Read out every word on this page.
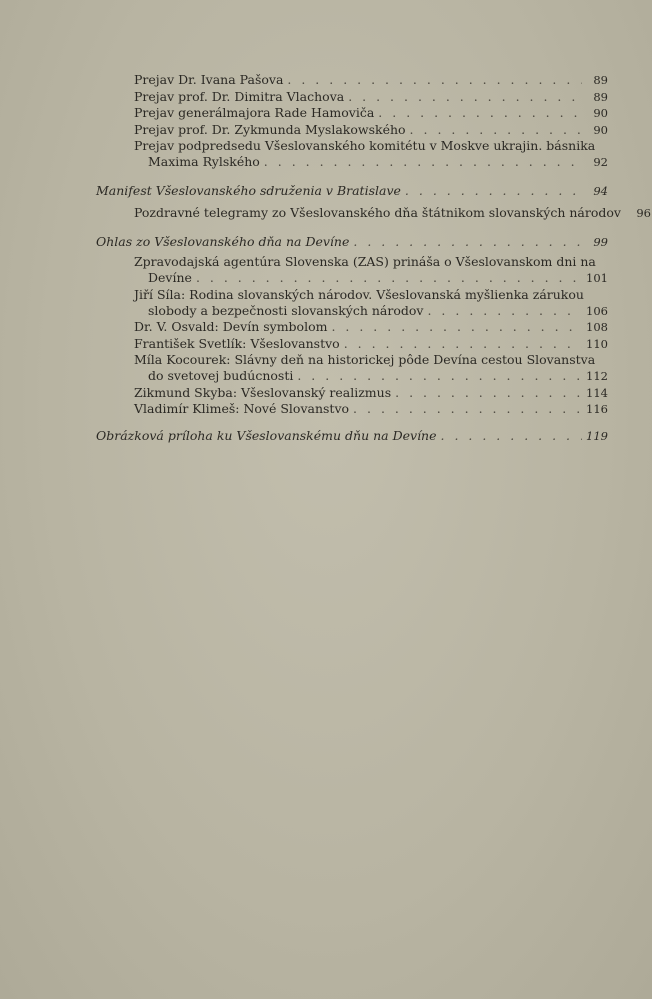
Prejav Dr. Ivana Pašova . . .	89
Prejav prof. Dr. Dimitra Vlachova . . .	89
Prejav generálmajora Rade Hamoviča . . .	90
Prejav prof. Dr. Zykmunda Myslakowského . . .	90
Prejav podpredsedu Všeslovanského komitétu v Moskve ukrajin. básnika
Maxima Rylského . . .	92
Manifest Všeslovanského sdruženia v Bratislave . . .	94
Pozdravné telegramy zo Všeslovanského dňa štátnikom slovanských národov	96
Ohlas zo Všeslovanského dňa na Devíne . . .	99
Zpravodajská agentúra Slovenska (ZAS) prináša o Všeslovanskom dni na
Devíne . . .	101
Jiří Síla: Rodina slovanských národov. Všeslovanská myšlienka zárukou
slobody a bezpečnosti slovanských národov . . .	106
Dr. V. Osvald: Devín symbolom . . .	108
František Svetlík: Všeslovanstvo . . .	110
Míla Kocourek: Slávny deň na historickej pôde Devína cestou Slovanstva
do svetovej budúcnosti . . .	112
Zikmund Skyba: Všeslovanský realizmus . . .	114
Vladimír Klimeš: Nové Slovanstvo . . .	116
Obrázková príloha ku Všeslovanskému dňu na Devíne . . .	119
